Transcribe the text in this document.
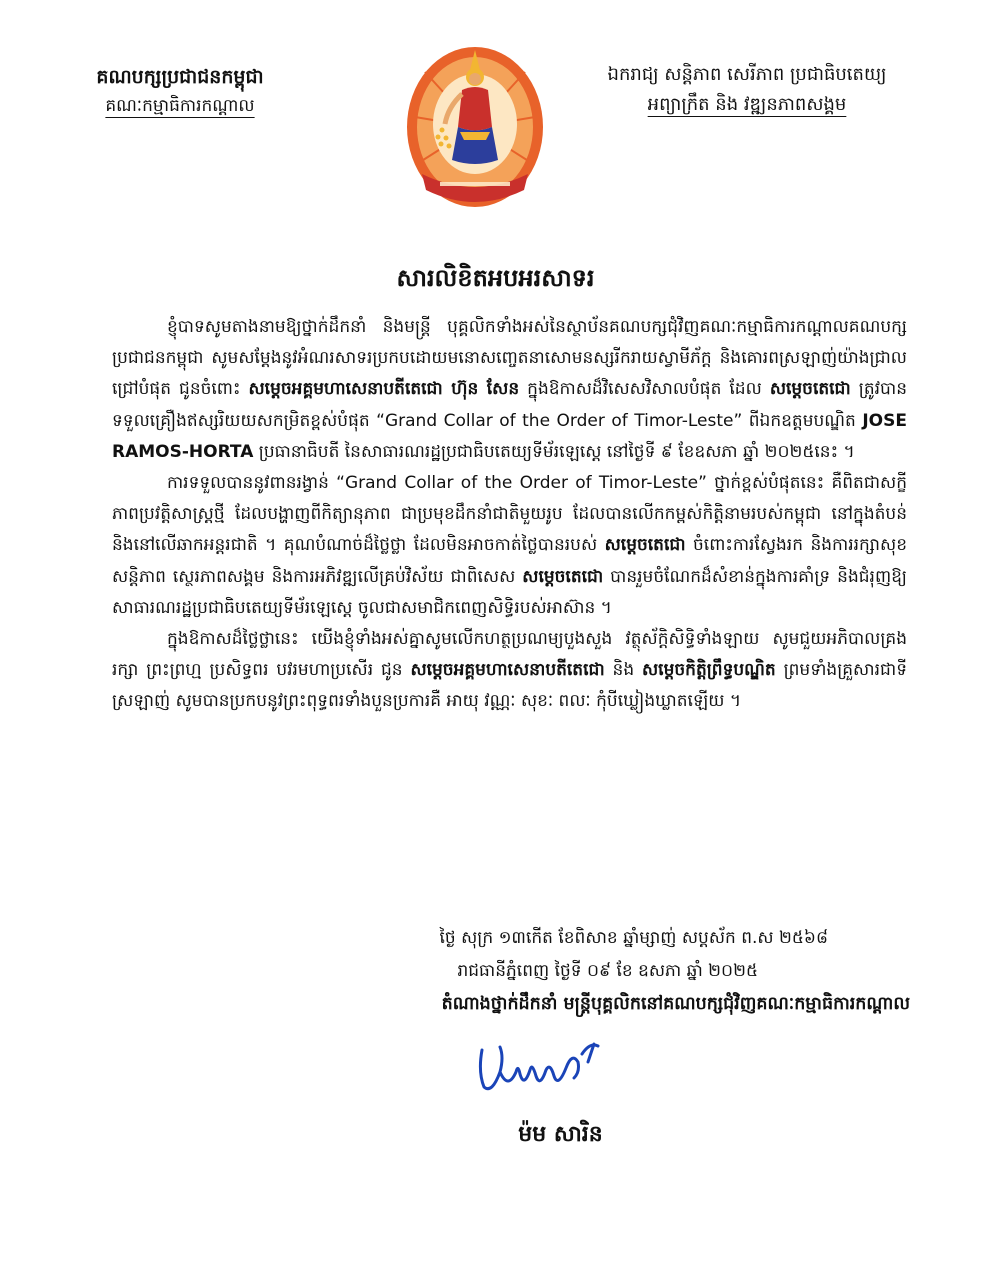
គណបក្សប្រជាជនកម្ពុជា
គណៈកម្មាធិការកណ្ដាល
ឯករាជ្យ សន្តិភាព សេរីភាព ប្រជាធិបតេយ្យ
អព្យាក្រឹត និង វឌ្ឍនភាពសង្គម
សារលិខិតអបអរសាទរ

ខ្ញុំបាទសូមតាងនាមឱ្យថ្នាក់ដឹកនាំ និងមន្ត្រី បុគ្គលិកទាំងអស់នៃស្ថាប័នគណបក្សជុំវិញគណៈកម្មាធិការកណ្តាលគណបក្សប្រជាជនកម្ពុជា សូមសម្ដែងនូវអំណរសាទរប្រកបដោយមនោសញ្ចេតនាសោមនស្សរីករាយស្វាមីភ័ក្ត និងគោរពស្រឡាញ់យ៉ាងជ្រាលជ្រៅបំផុត ជូនចំពោះ សម្ដេចអគ្គមហាសេនាបតីតេជោ ហ៊ុន សែន ក្នុងឱកាសដ៏វិសេសវិសាលបំផុត ដែល សម្តេចតេជោ ត្រូវបានទទួលគ្រឿងឥស្សរិយយសកម្រិតខ្ពស់បំផុត “Grand Collar of the Order of Timor-Leste” ពីឯកឧត្តមបណ្ឌិត JOSE RAMOS-HORTA ប្រធានាធិបតី នៃសាធារណរដ្ឋប្រជាធិបតេយ្យទីម័រឡេស្តេ នៅថ្ងៃទី ៩ ខែឧសភា ឆ្នាំ ២០២៥នេះ ។

ការទទួលបាននូវពានរង្វាន់ “Grand Collar of the Order of Timor-Leste” ថ្នាក់ខ្ពស់បំផុតនេះ គឺពិតជាសក្ខីភាពប្រវត្តិសាស្រ្តថ្មី ដែលបង្ហាញពីកិត្យានុភាព ជាប្រមុខដឹកនាំជាតិមួយរូប ដែលបានលើកកម្ពស់កិត្តិនាមរបស់កម្ពុជា នៅក្នុងតំបន់ និងនៅលើឆាកអន្តរជាតិ ។ គុណបំណាច់ដ៏ថ្លៃថ្លា ដែលមិនអាចកាត់ថ្លៃបានរបស់ សម្តេចតេជោ ចំពោះការស្វែងរក និងការរក្សាសុខសន្តិភាព ស្ថេរភាពសង្គម និងការអភិវឌ្ឍលើគ្រប់វិស័យ ជាពិសេស សម្តេចតេជោ បានរួមចំណែកដ៏សំខាន់ក្នុងការគាំទ្រ និងជំរុញឱ្យសាធារណរដ្ឋប្រជាធិបតេយ្យទីម័រឡេស្តេ ចូលជាសមាជិកពេញសិទ្ធិរបស់អាស៊ាន ។

ក្នុងឱកាសដ៏ថ្លៃថ្លានេះ យើងខ្ញុំទាំងអស់គ្នាសូមលើកហត្ថប្រណម្យបួងសួង វត្ថុស័ក្តិសិទ្ធិទាំងឡាយ សូមជួយអភិបាលគ្រងរក្សា ព្រះព្រហ្ម ប្រសិទ្ធពរ បវរមហាប្រសើរ ជូន សម្ដេចអគ្គមហាសេនាបតីតេជោ និង សម្ដេចកិត្តិព្រឹទ្ធបណ្ឌិត ព្រមទាំងគ្រួសារជាទីស្រឡាញ់ សូមបានប្រកបនូវព្រះពុទ្ធពរទាំងបួនប្រការគឺ អាយុ វណ្ណៈ សុខៈ ពលៈ កុំបីឃ្លៀងឃ្លាតឡើយ ។

ថ្ងៃ សុក្រ ១៣កើត ខែពិសាខ ឆ្នាំម្សាញ់ សប្តស័ក ព.ស ២៥៦៨
រាជធានីភ្នំពេញ ថ្ងៃទី ០៩ ខែ ឧសភា ឆ្នាំ ២០២៥
តំណាងថ្នាក់ដឹកនាំ មន្ត្រីបុគ្គលិកនៅគណបក្សជុំវិញគណៈកម្មាធិការកណ្ដាល
ម៉ម សារិន
